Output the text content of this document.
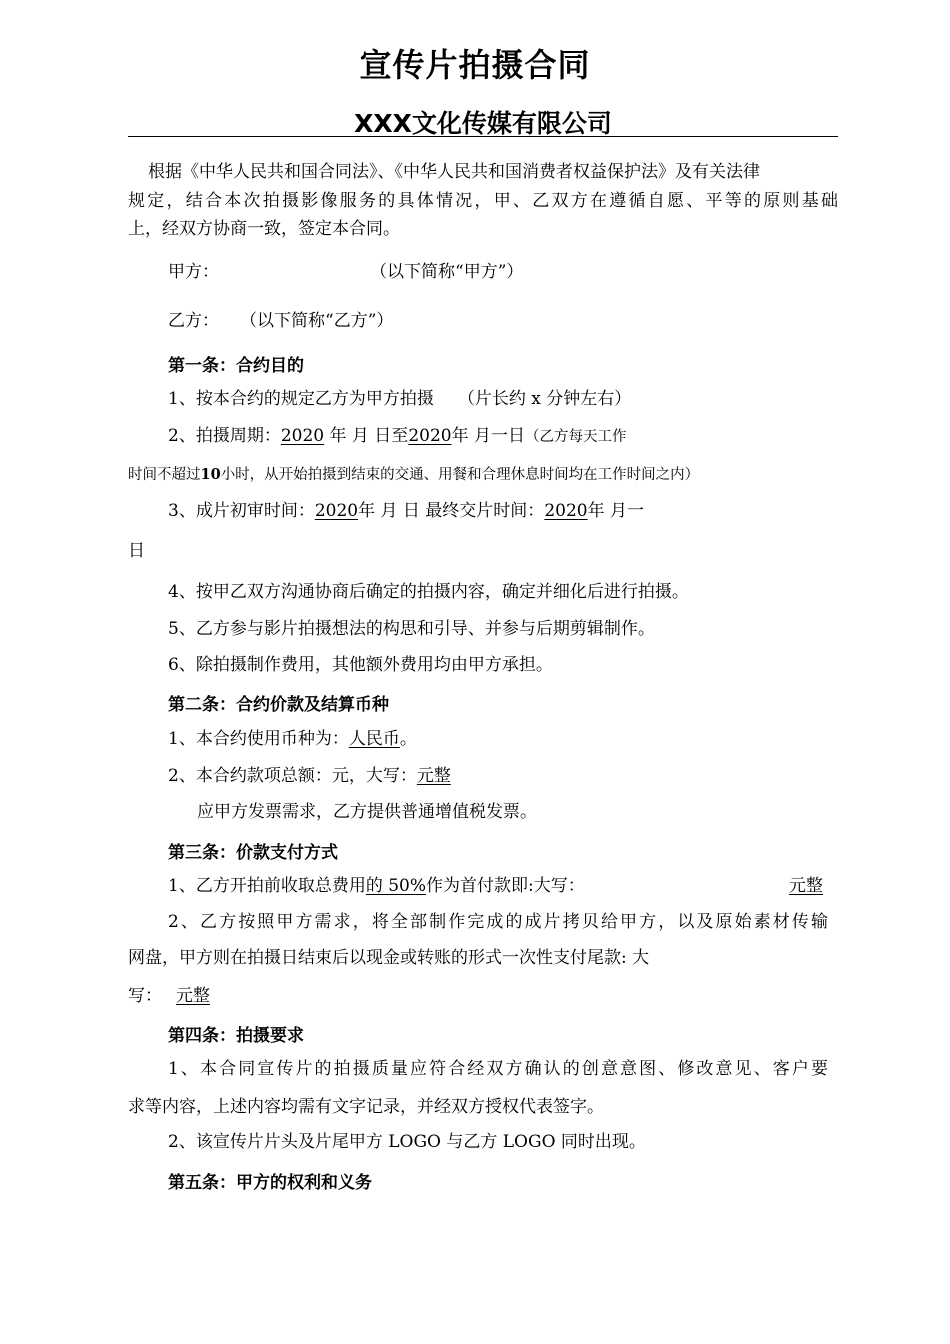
宣传片拍摄合同
XXX文化传媒有限公司
根据《中华人民共和国合同法》、《中华人民共和国消费者权益保护法》及有关法律
规定，结合本次拍摄影像服务的具体情况，甲、乙双方在遵循自愿、平等的原则基础
上，经双方协商一致，签定本合同。
甲方：	（以下简称“甲方”）
乙方： （以下简称“乙方”）
第一条：合约目的
1、按本合约的规定乙方为甲方拍摄 （片长约 x 分钟左右）
2、拍摄周期：2020 年 月 日至2020年 月一日（乙方每天工作
时间不超过10小时，从开始拍摄到结束的交通、用餐和合理休息时间均在工作时间之内）
3、成片初审时间：2020年 月 日 最终交片时间：2020年 月一
日
4、按甲乙双方沟通协商后确定的拍摄内容，确定并细化后进行拍摄。
5、乙方参与影片拍摄想法的构思和引导、并参与后期剪辑制作。
6、除拍摄制作费用，其他额外费用均由甲方承担。
第二条：合约价款及结算币种
1、本合约使用币种为：人民币。
2、本合约款项总额：元，大写：元整
应甲方发票需求，乙方提供普通增值税发票。
第三条：价款支付方式
1、乙方开拍前收取总费用的 50%作为首付款即:大写：	元整
2、乙方按照甲方需求，将全部制作完成的成片拷贝给甲方，以及原始素材传输
网盘，甲方则在拍摄日结束后以现金或转账的形式一次性支付尾款: 大
写： 元整
第四条：拍摄要求
1、本合同宣传片的拍摄质量应符合经双方确认的创意意图、修改意见、客户要
求等内容，上述内容均需有文字记录，并经双方授权代表签字。
2、该宣传片片头及片尾甲方 LOGO 与乙方 LOGO 同时出现。
第五条：甲方的权利和义务
